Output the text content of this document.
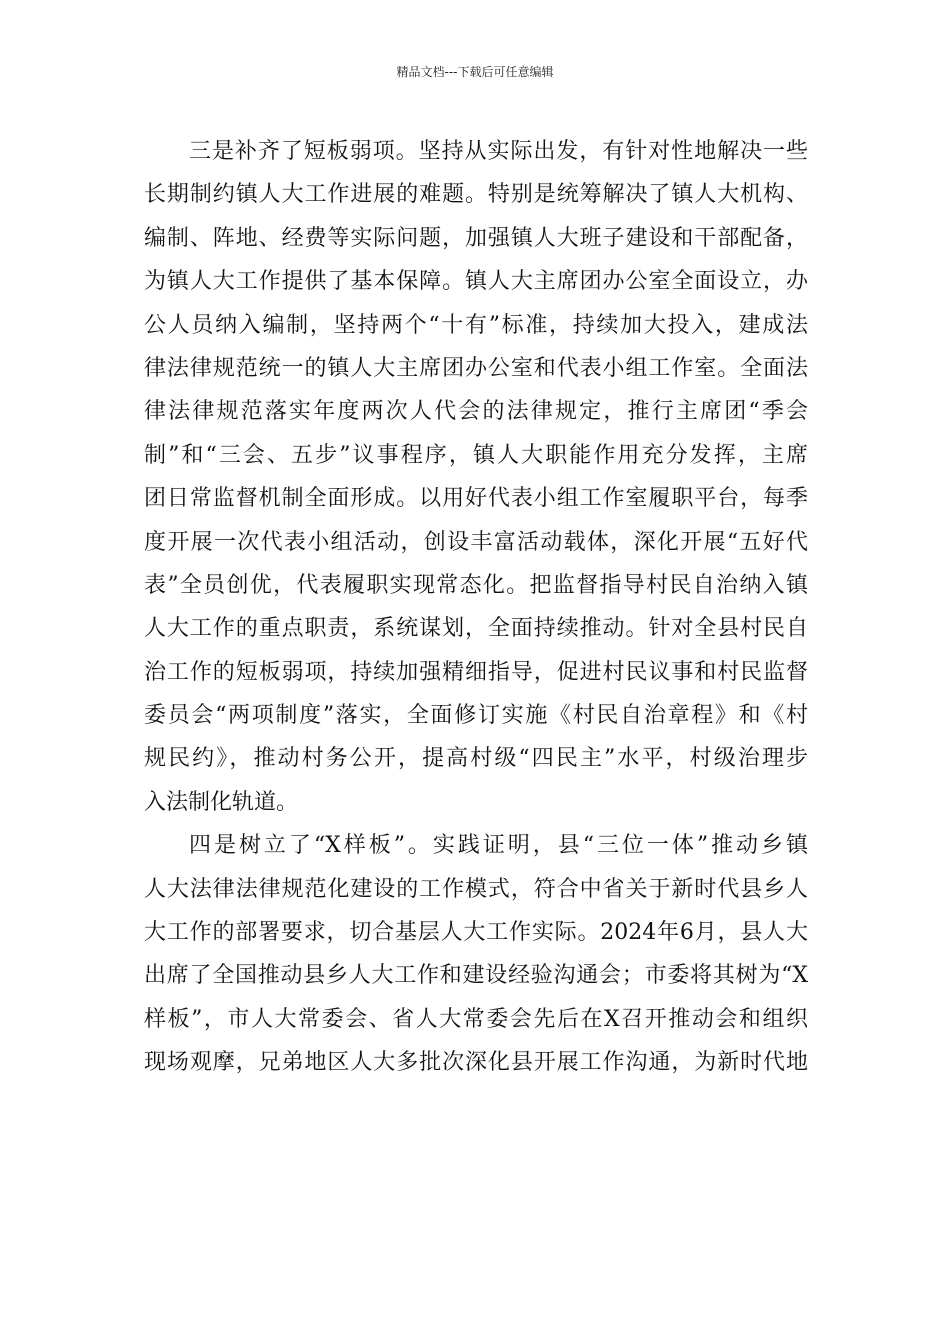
精品文档---下载后可任意编辑
三是补齐了短板弱项。坚持从实际出发，有针对性地解决一些
长期制约镇人大工作进展的难题。特别是统筹解决了镇人大机构、
编制、阵地、经费等实际问题，加强镇人大班子建设和干部配备，
为镇人大工作提供了基本保障。镇人大主席团办公室全面设立，办
公人员纳入编制，坚持两个“十有”标准，持续加大投入，建成法
律法律规范统一的镇人大主席团办公室和代表小组工作室。全面法
律法律规范落实年度两次人代会的法律规定，推行主席团“季会
制”和“三会、五步”议事程序，镇人大职能作用充分发挥，主席
团日常监督机制全面形成。以用好代表小组工作室履职平台，每季
度开展一次代表小组活动，创设丰富活动载体，深化开展“五好代
表”全员创优，代表履职实现常态化。把监督指导村民自治纳入镇
人大工作的重点职责，系统谋划，全面持续推动。针对全县村民自
治工作的短板弱项，持续加强精细指导，促进村民议事和村民监督
委员会“两项制度”落实，全面修订实施《村民自治章程》和《村
规民约》，推动村务公开，提高村级“四民主”水平，村级治理步
入法制化轨道。
四是树立了“X样板”。实践证明，县“三位一体”推动乡镇
人大法律法律规范化建设的工作模式，符合中省关于新时代县乡人
大工作的部署要求，切合基层人大工作实际。2024年6月，县人大
出席了全国推动县乡人大工作和建设经验沟通会；市委将其树为“X
样板”，市人大常委会、省人大常委会先后在X召开推动会和组织
现场观摩，兄弟地区人大多批次深化县开展工作沟通，为新时代地
